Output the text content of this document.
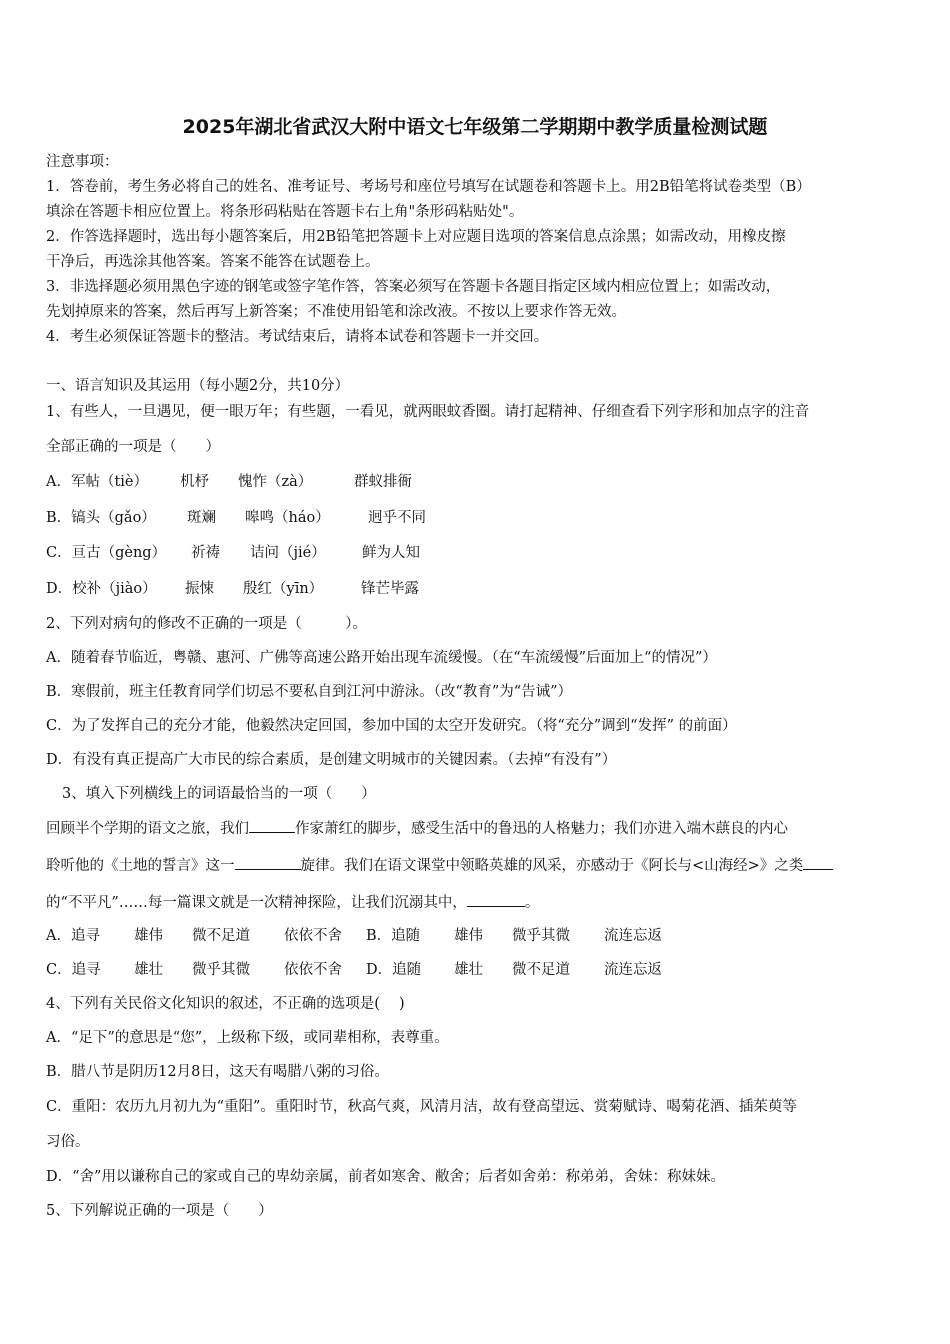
2025年湖北省武汉大附中语文七年级第二学期期中教学质量检测试题
注意事项：
1．答卷前，考生务必将自己的姓名、准考证号、考场号和座位号填写在试题卷和答题卡上。用2B铅笔将试卷类型（B）
填涂在答题卡相应位置上。将条形码粘贴在答题卡右上角"条形码粘贴处"。
2．作答选择题时，选出每小题答案后，用2B铅笔把答题卡上对应题目选项的答案信息点涂黑；如需改动，用橡皮擦
干净后，再选涂其他答案。答案不能答在试题卷上。
3．非选择题必须用黑色字迹的钢笔或签字笔作答，答案必须写在答题卡各题目指定区域内相应位置上；如需改动，
先划掉原来的答案，然后再写上新答案；不准使用铅笔和涂改液。不按以上要求作答无效。
4．考生必须保证答题卡的整洁。考试结束后，请将本试卷和答题卡一并交回。
一、语言知识及其运用（每小题2分，共10分）
1、有些人，一旦遇见，便一眼万年；有些题，一看见，就两眼蚊香圈。请打起精神、仔细查看下列字形和加点字的注音
全部正确的一项是（　　）
A．军帖（tiè） 机杼 愧怍（zà）	群蚁排衙
B．镐头（gǎo） 斑斓 嗥鸣（háo）	迥乎不同
C．亘古（gèng） 祈祷 诘问（jié）	鲜为人知
D．校补（jiào） 振悚 殷红（yīn）	锋芒毕露
2、下列对病句的修改不正确的一项是（　　　）。
A．随着春节临近，粤赣、惠河、广佛等高速公路开始出现车流缓慢。（在“车流缓慢”后面加上“的情况”）
B．寒假前，班主任教育同学们切忌不要私自到江河中游泳。（改“教育”为“告诫”）
C．为了发挥自己的充分才能，他毅然决定回国，参加中国的太空开发研究。（将“充分”调到“发挥” 的前面）
D．有没有真正提高广大市民的综合素质，是创建文明城市的关键因素。（去掉“有没有”）
3、填入下列横线上的词语最恰当的一项（　　）
回顾半个学期的语文之旅，我们	作家萧红的脚步，感受生活中的鲁迅的人格魅力；我们亦进入端木蕻良的内心
聆听他的《土地的誓言》这一	旋律。我们在语文课堂中领略英雄的风采，亦感动于《阿长与<山海经>》之类
的“不平凡”……每一篇课文就是一次精神探险，让我们沉溺其中，	。
A．追寻 雄伟 微不足道 依依不舍 B．追随 雄伟 微乎其微 流连忘返
C．追寻 雄壮 微乎其微 依依不舍 D．追随 雄壮 微不足道 流连忘返
4、下列有关民俗文化知识的叙述，不正确的选项是(　 )
A．“足下”的意思是“您”，上级称下级，或同辈相称，表尊重。
B．腊八节是阴历12月8日，这天有喝腊八粥的习俗。
C．重阳：农历九月初九为“重阳”。重阳时节，秋高气爽，风清月洁，故有登高望远、赏菊赋诗、喝菊花酒、插茱萸等
习俗。
D．“舍”用以谦称自己的家或自己的卑幼亲属，前者如寒舍、敝舍；后者如舍弟：称弟弟，舍妹：称妹妹。
5、下列解说正确的一项是（　　）
